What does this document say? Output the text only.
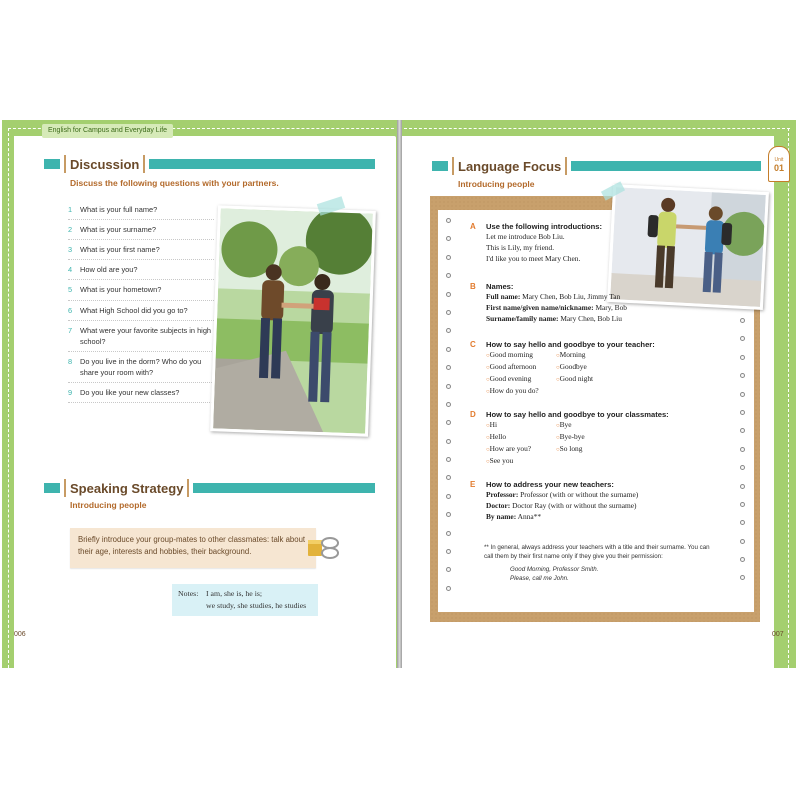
English for Campus and Everyday Life
Discussion
Discuss the following questions with your partners.
1	What is your full name?
2	What is your surname?
3	What is your first name?
4	How old are you?
5	What is your hometown?
6	What High School did you go to?
7	What were your favorite subjects in high school?
8	Do you live in the dorm? Who do you share your room with?
9	Do you like your new classes?
Speaking Strategy
Introducing people
Briefly introduce your group-mates to other classmates: talk about their age, interests and hobbies, their background.
Notes: I am, she is, he is;
we study, she studies, he studies
006
Language Focus
Introducing people
Unit
01
A Use the following introductions:
Let me introduce Bob Liu.
This is Lily, my friend.
I'd like you to meet Mary Chen.
B Names:
Full name: Mary Chen, Bob Liu, Jimmy Tan
First name/given name/nickname: Mary, Bob
Surname/family name: Mary Chen, Bob Liu
C How to say hello and goodbye to your teacher:
○ Good morning	○ Morning
○ Good afternoon	○ Goodbye
○ Good evening	○ Good night
○ How do you do?
D How to say hello and goodbye to your classmates:
○ Hi	○ Bye
○ Hello	○ Bye-bye
○ How are you?	○ So long
○ See you
E How to address your new teachers:
Professor: Professor (with or without the surname)
Doctor: Doctor Ray (with or without the surname)
By name: Anna**
** In general, always address your teachers with a title and their surname. You can call them by their first name only if they give you their permission:
Good Morning, Professor Smith.
Please, call me John.
007
